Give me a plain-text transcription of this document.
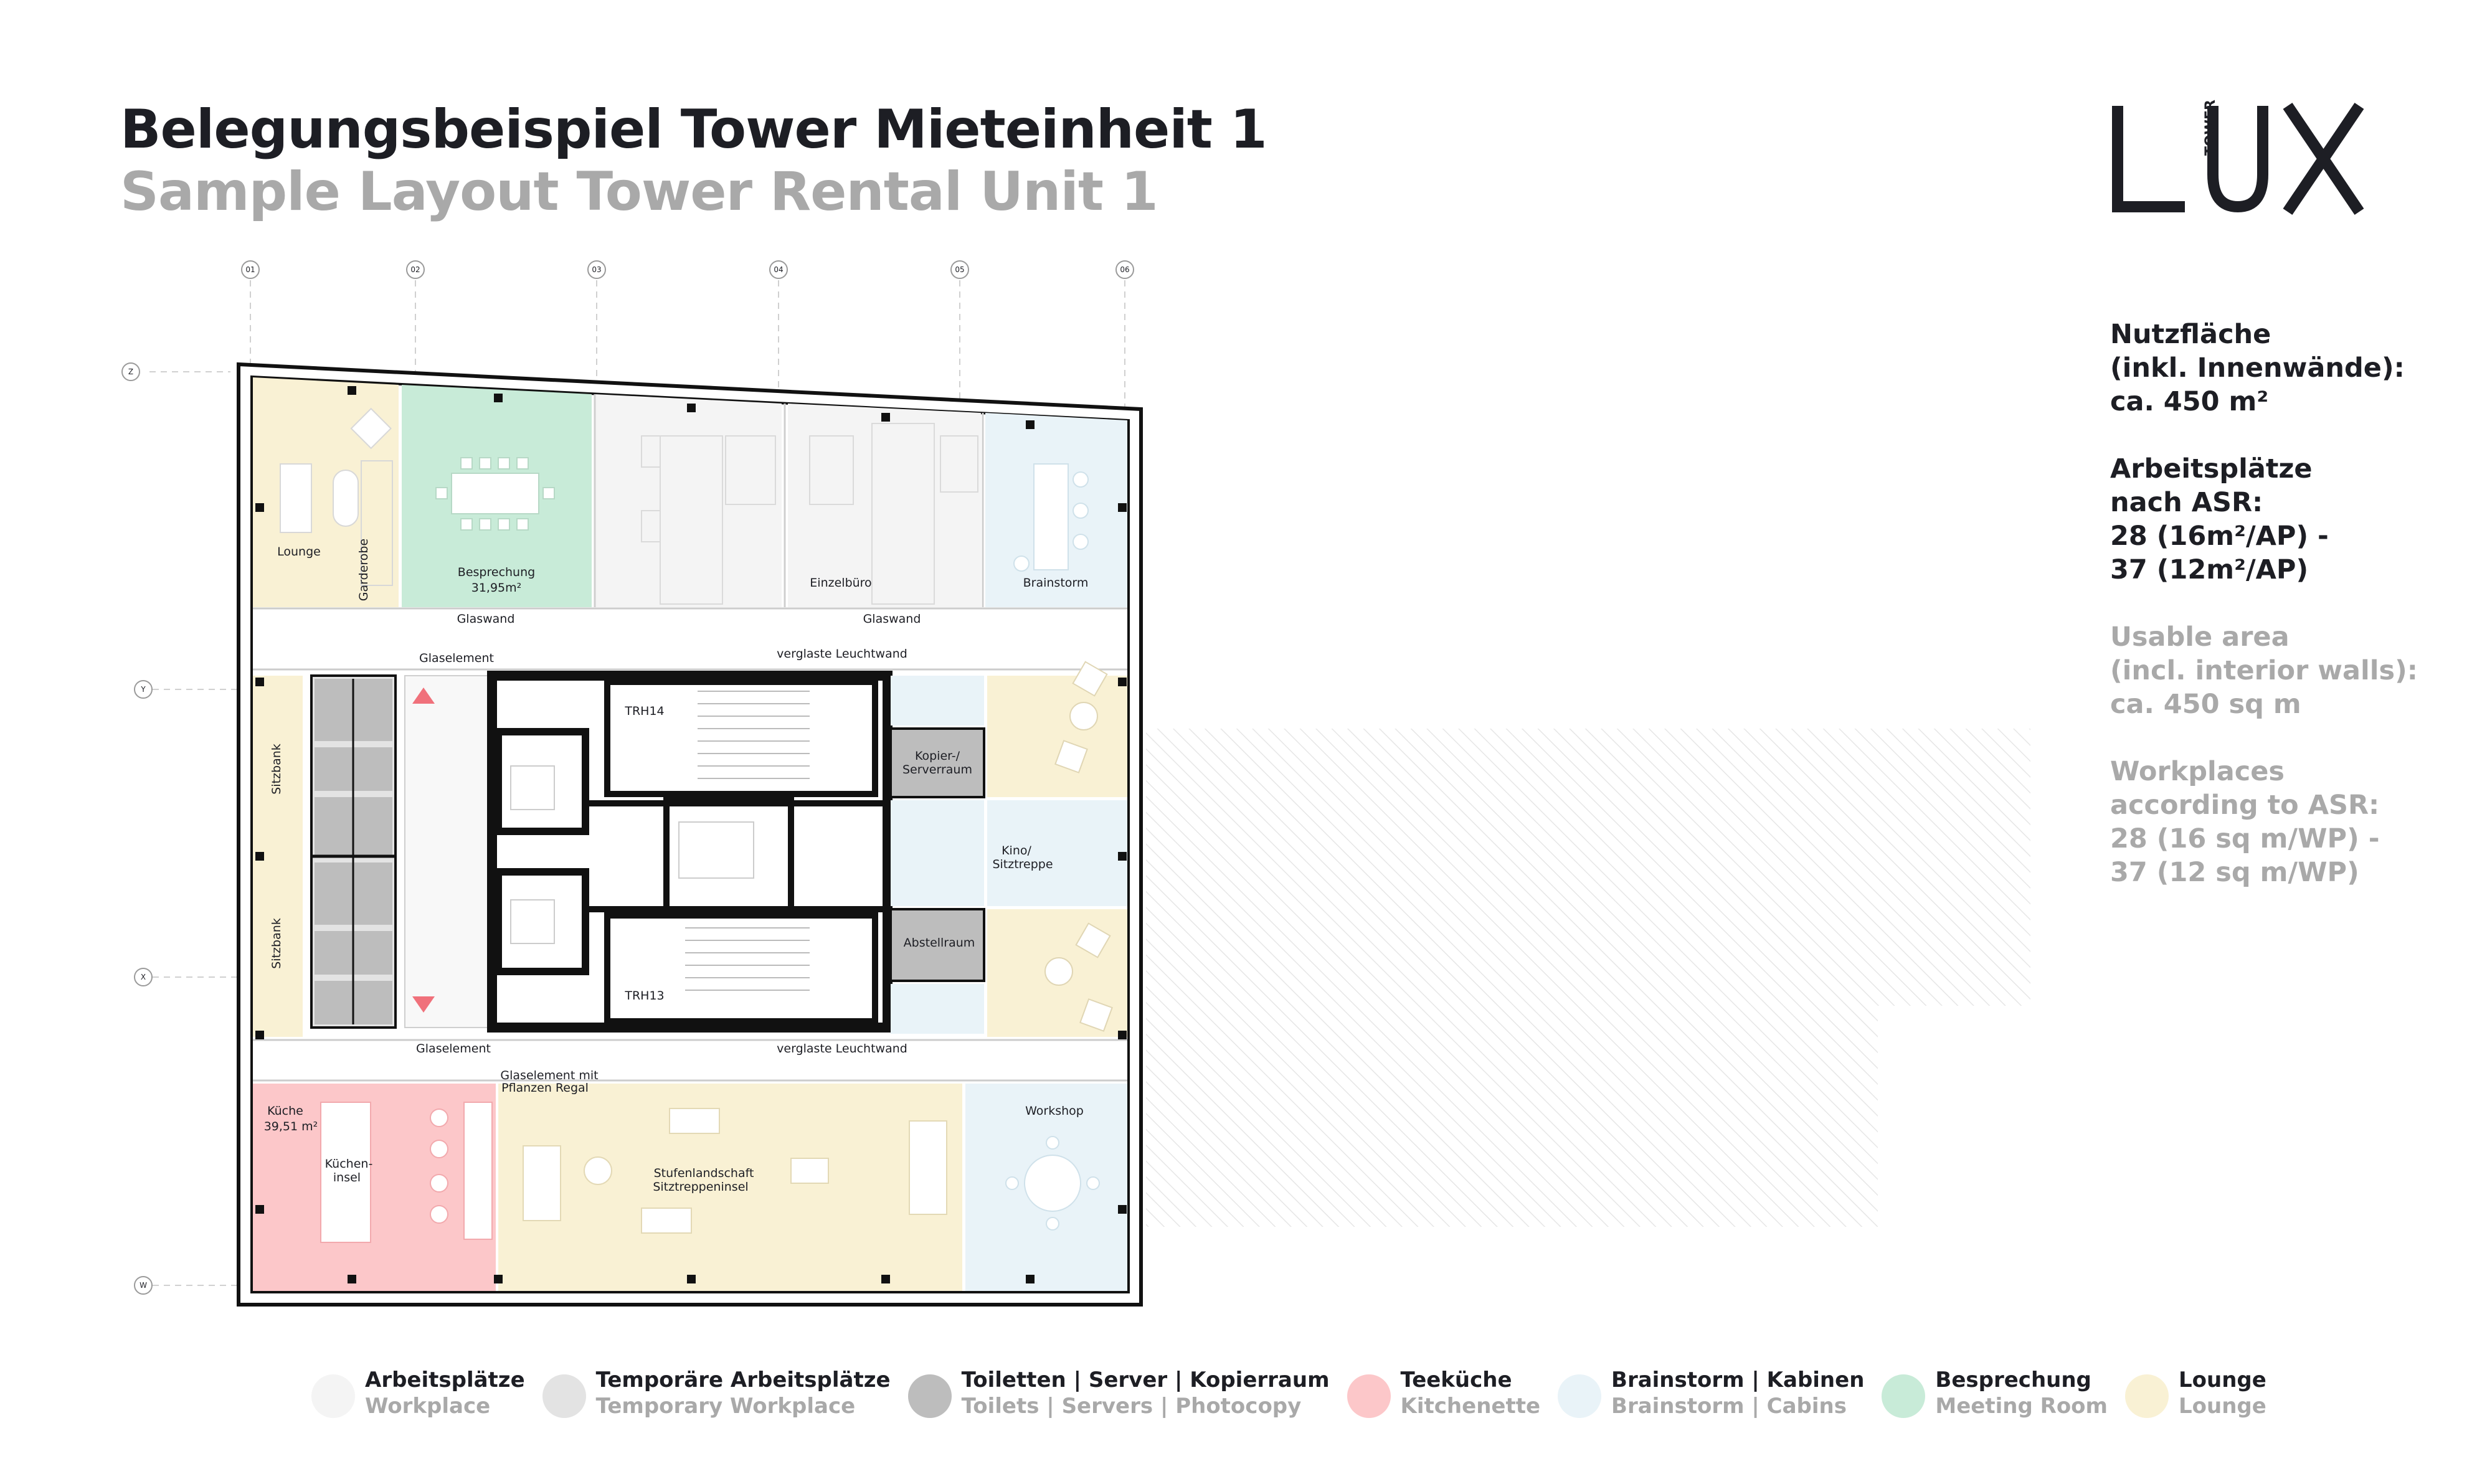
Belegungsbeispiel Tower Mieteinheit 1
Sample Layout Tower Rental Unit 1
TOWER
Nutzfläche
(inkl. Innenwände):
ca. 450 m²
Arbeitsplätze
nach ASR:
28 (16m²/AP) -
37 (12m²/AP)
Usable area
(incl. interior walls):
ca. 450 sq m
Workplaces
according to ASR:
28 (16 sq m/WP) -
37 (12 sq m/WP)
01	02	03	04	05	06
Z
Y
X
W
Lounge	Garderobe	Besprechung
31,95m²	Einzelbüro	Brainstorm
Glaswand	Glaswand
Glaselement	verglaste Leuchtwand
Sitzbank
Sitzbank
TRH14
TRH13
Kopier-/
Serverraum
Kino/
Sitztreppe
Abstellraum
Glaselement	verglaste Leuchtwand
Glaselement mit
Pflanzen Regal
Küche
39,51 m²
Küchen-
insel	Stufenlandschaft
Sitztreppeninsel
Workshop
Arbeitsplätze
Workplace
Temporäre Arbeitsplätze
Temporary Workplace
Toiletten | Server | Kopierraum
Toilets | Servers | Photocopy
Teeküche
Kitchenette
Brainstorm | Kabinen
Brainstorm | Cabins
Besprechung
Meeting Room
Lounge
Lounge
